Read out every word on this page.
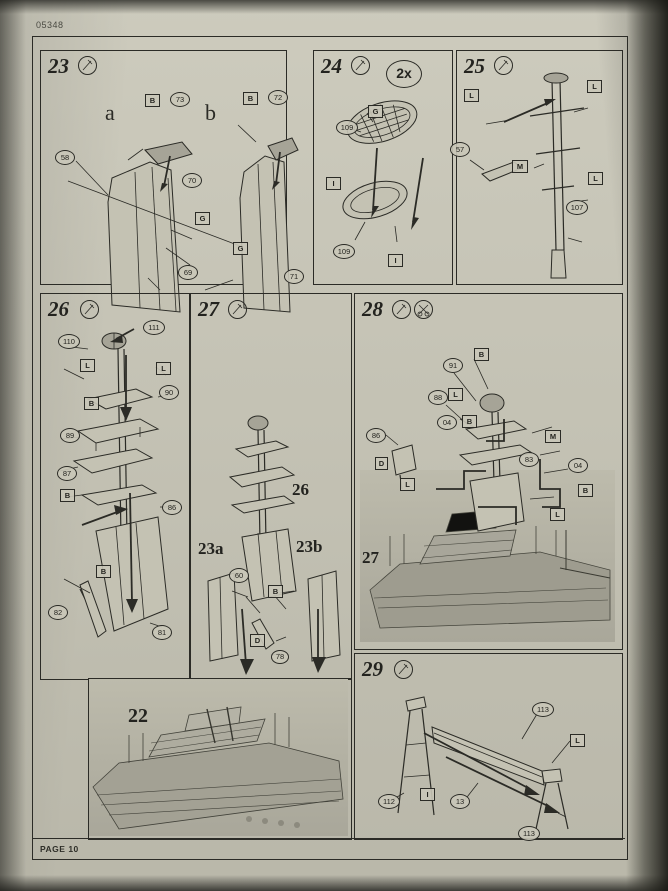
05348
PAGE 10
23
a	b
B	73	B	72
58
70
G
G
69	71
24	2x
G
109
I
109
I
25
L
L
57
M
L
107
26
110
111
L	L
B
90
89
87
B
86
B
82
81
27
26
23a	23b
60
B
D
78
28
B
91
88	L
04	B
86
D
L
M
04
B
83
L
27
22
29
113
L
112
I
13
113
